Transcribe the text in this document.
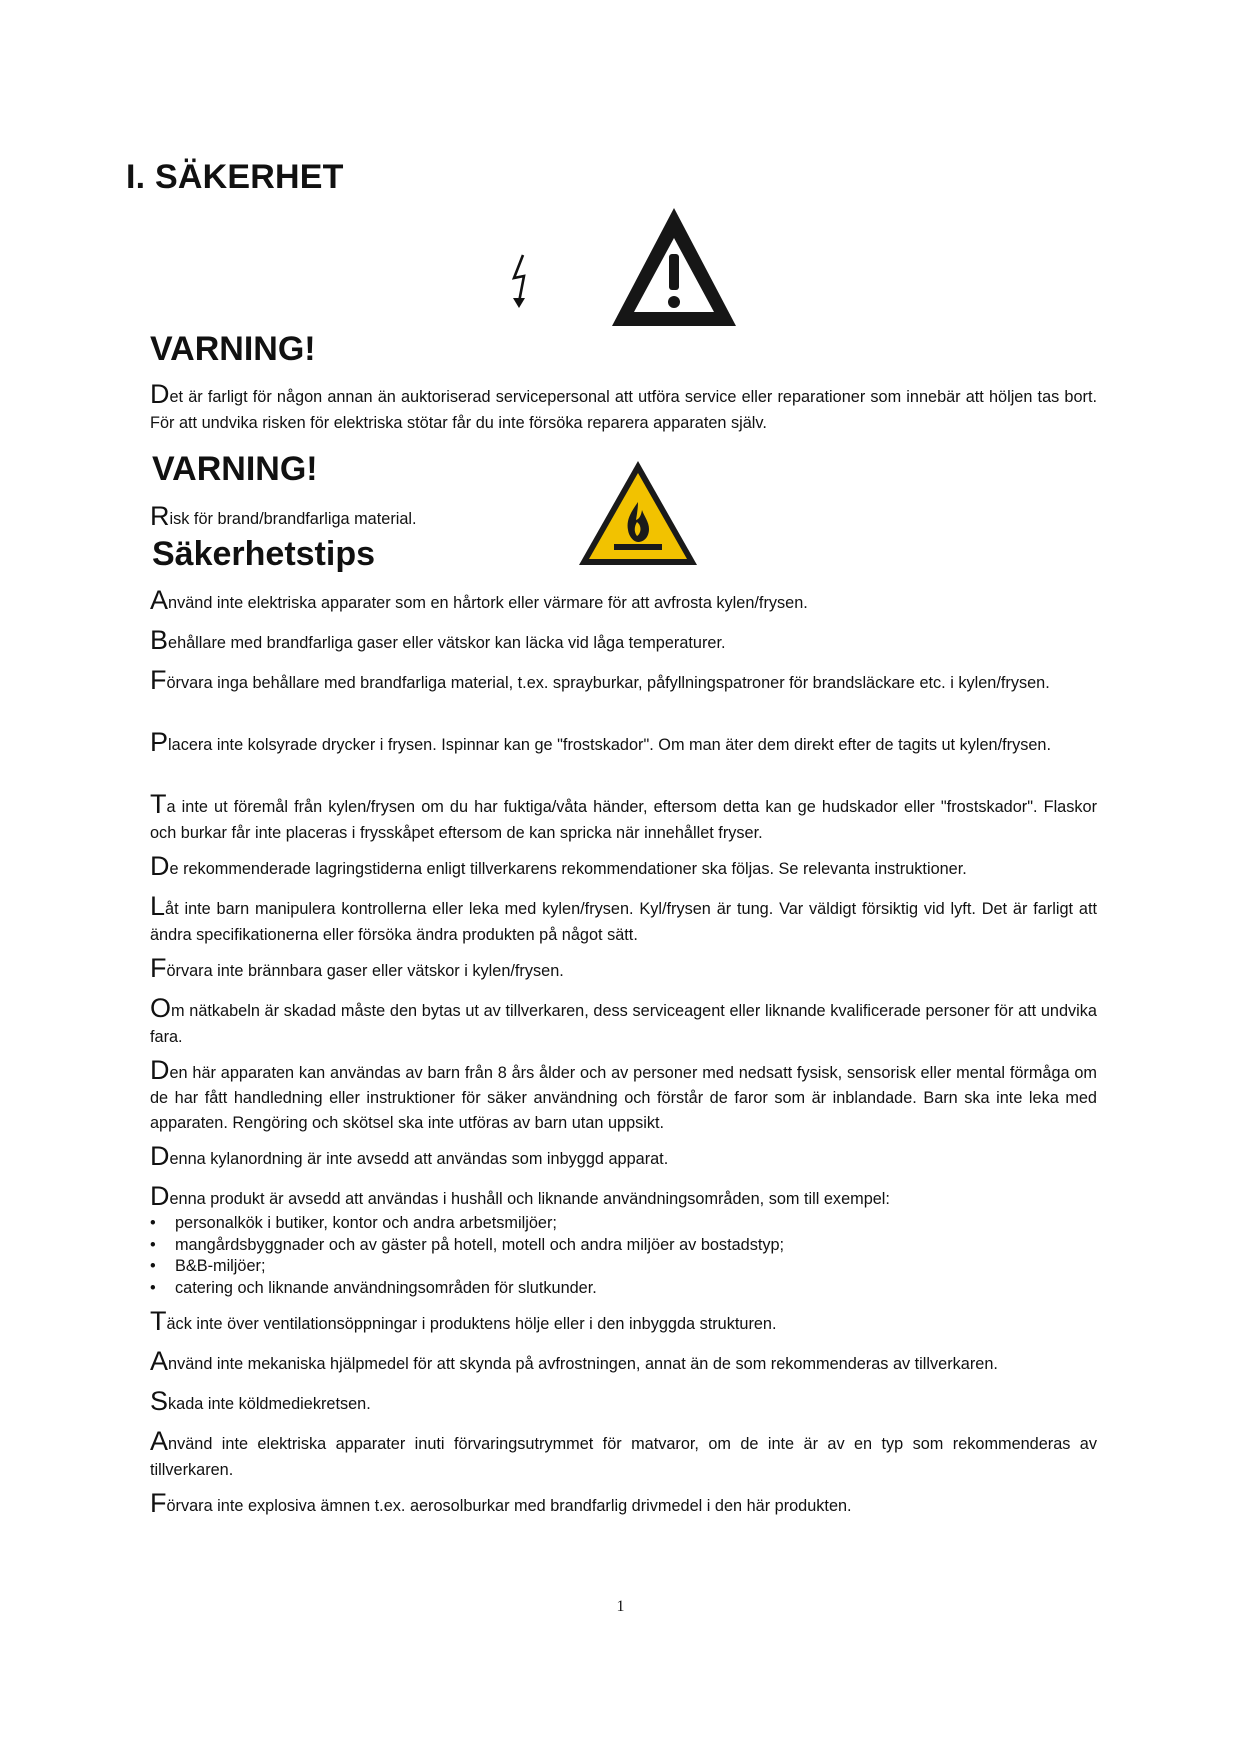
I. SÄKERHET
VARNING!
Det är farligt för någon annan än auktoriserad servicepersonal att utföra service eller reparationer som innebär att höljen tas bort. För att undvika risken för elektriska stötar får du inte försöka reparera apparaten själv.
VARNING!
Risk för brand/brandfarliga material.
Säkerhetstips
Använd inte elektriska apparater som en hårtork eller värmare för att avfrosta kylen/frysen.
Behållare med brandfarliga gaser eller vätskor kan läcka vid låga temperaturer.
Förvara inga behållare med brandfarliga material, t.ex. sprayburkar, påfyllningspatroner för brandsläckare etc. i kylen/frysen.
Placera inte kolsyrade drycker i frysen. Ispinnar kan ge "frostskador". Om man äter dem direkt efter de tagits ut kylen/frysen.
Ta inte ut föremål från kylen/frysen om du har fuktiga/våta händer, eftersom detta kan ge hudskador eller "frostskador". Flaskor och burkar får inte placeras i frysskåpet eftersom de kan spricka när innehållet fryser.
De rekommenderade lagringstiderna enligt tillverkarens rekommendationer ska följas. Se relevanta instruktioner.
Låt inte barn manipulera kontrollerna eller leka med kylen/frysen. Kyl/frysen är tung. Var väldigt försiktig vid lyft. Det är farligt att ändra specifikationerna eller försöka ändra produkten på något sätt.
Förvara inte brännbara gaser eller vätskor i kylen/frysen.
Om nätkabeln är skadad måste den bytas ut av tillverkaren, dess serviceagent eller liknande kvalificerade personer för att undvika fara.
Den här apparaten kan användas av barn från 8 års ålder och av personer med nedsatt fysisk, sensorisk eller mental förmåga om de har fått handledning eller instruktioner för säker användning och förstår de faror som är inblandade. Barn ska inte leka med apparaten. Rengöring och skötsel ska inte utföras av barn utan uppsikt.
Denna kylanordning är inte avsedd att användas som inbyggd apparat.
Denna produkt är avsedd att användas i hushåll och liknande användningsområden, som till exempel:
• personalkök i butiker, kontor och andra arbetsmiljöer;
• mangårdsbyggnader och av gäster på hotell, motell och andra miljöer av bostadstyp;
• B&B-miljöer;
• catering och liknande användningsområden för slutkunder.
Täck inte över ventilationsöppningar i produktens hölje eller i den inbyggda strukturen.
Använd inte mekaniska hjälpmedel för att skynda på avfrostningen, annat än de som rekommenderas av tillverkaren.
Skada inte köldmediekretsen.
Använd inte elektriska apparater inuti förvaringsutrymmet för matvaror, om de inte är av en typ som rekommenderas av tillverkaren.
Förvara inte explosiva ämnen t.ex. aerosolburkar med brandfarlig drivmedel i den här produkten.
1
